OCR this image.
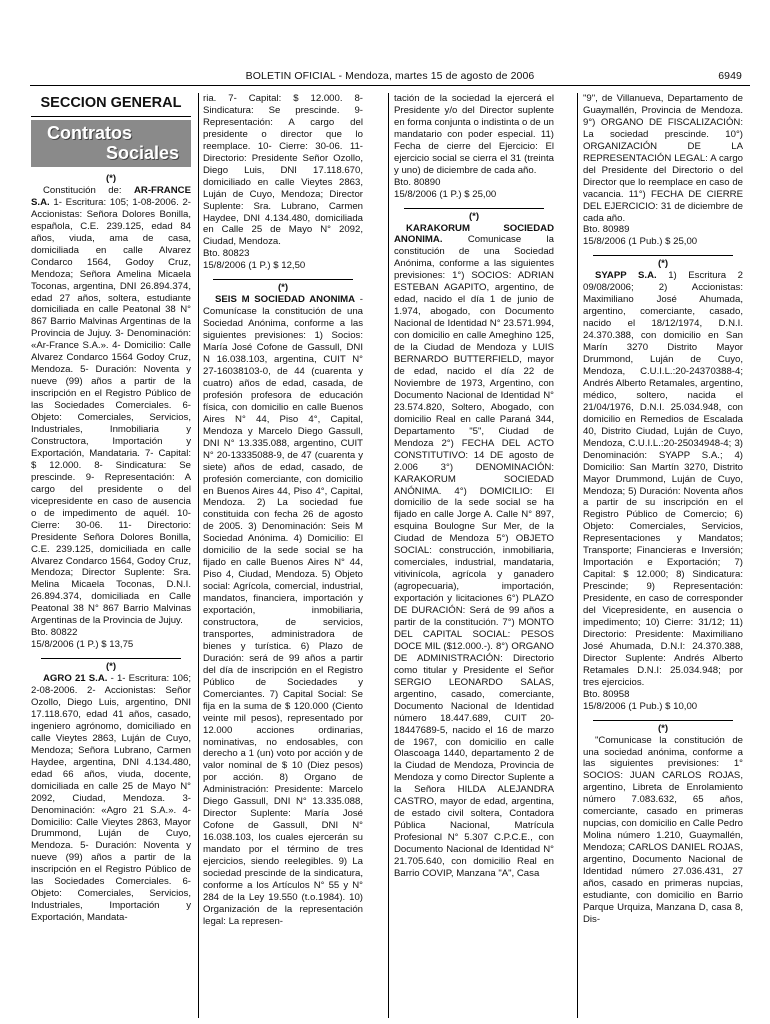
BOLETIN OFICIAL - Mendoza, martes 15 de agosto de 2006	6949
SECCION GENERAL
Contratos
Sociales

(*)

Constitución de: AR-FRANCE S.A. 1- Escritura: 105; 1-08-2006. 2- Accionistas: Señora Dolores Bonilla, española, C.E. 239.125, edad 84 años, viuda, ama de casa, domiciliada en calle Alvarez Condarco 1564, Godoy Cruz, Mendoza; Señora Amelina Micaela Toconas, argentina, DNI 26.894.374, edad 27 años, soltera, estudiante domiciliada en calle Peatonal 38 N° 867 Barrio Malvinas Argentinas de la Provincia de Jujuy. 3- Denominación: «Ar-France S.A.». 4- Domicilio: Calle Alvarez Condarco 1564 Godoy Cruz, Mendoza. 5- Duración: Noventa y nueve (99) años a partir de la inscripción en el Registro Público de las Sociedades Comerciales. 6- Objeto: Comerciales, Servicios, Industriales, Inmobiliaria y Constructora, Importación y Exportación, Mandataria. 7- Capital: $ 12.000. 8- Sindicatura: Se prescinde. 9- Representación: A cargo del presidente o del vicepresidente en caso de ausencia o de impedimento de aquél. 10- Cierre: 30-06. 11- Directorio: Presidente Señora Dolores Bonilla, C.E. 239.125, domiciliada en calle Alvarez Condarco 1564, Godoy Cruz, Mendoza; Director Suplente: Sra. Melina Micaela Toconas, D.N.I. 26.894.374, domiciliada en Calle Peatonal 38 N° 867 Barrio Malvinas Argentinas de la Provincia de Jujuy.

Bto. 80822

15/8/2006 (1 P.) $ 13,75

(*)

AGRO 21 S.A. - 1- Escritura: 106; 2-08-2006. 2- Accionistas: Señor Ozollo, Diego Luis, argentino, DNI 17.118.670, edad 41 años, casado, ingeniero agrónomo, domiciliado en calle Vieytes 2863, Luján de Cuyo, Mendoza; Señora Lubrano, Carmen Haydee, argentina, DNI 4.134.480, edad 66 años, viuda, docente, domiciliada en calle 25 de Mayo N° 2092, Ciudad, Mendoza. 3- Denominación: «Agro 21 S.A.». 4- Domicilio: Calle Vieytes 2863, Mayor Drummond, Luján de Cuyo, Mendoza. 5- Duración: Noventa y nueve (99) años a partir de la inscripción en el Registro Público de las Sociedades Comerciales. 6- Objeto: Comerciales, Servicios, Industriales, Importación y Exportación, Mandata-

ria. 7- Capital: $ 12.000. 8- Sindicatura: Se prescinde. 9- Representación: A cargo del presidente o director que lo reemplace. 10- Cierre: 30-06. 11- Directorio: Presidente Señor Ozollo, Diego Luis, DNI 17.118.670, domiciliado en calle Vieytes 2863, Luján de Cuyo, Mendoza; Director Suplente: Sra. Lubrano, Carmen Haydee, DNI 4.134.480, domiciliada en Calle 25 de Mayo N° 2092, Ciudad, Mendoza.

Bto. 80823

15/8/2006 (1 P.) $ 12,50

(*)

SEIS M SOCIEDAD ANONIMA - Comunícase la constitución de una Sociedad Anónima, conforme a las siguientes previsiones: 1) Socios: María José Cofone de Gassull, DNI N 16.038.103, argentina, CUIT N° 27-16038103-0, de 44 (cuarenta y cuatro) años de edad, casada, de profesión profesora de educación física, con domicilio en calle Buenos Aires N° 44, Piso 4°, Capital, Mendoza y Marcelo Diego Gassull, DNI N° 13.335.088, argentino, CUIT N° 20-13335088-9, de 47 (cuarenta y siete) años de edad, casado, de profesión comerciante, con domicilio en Buenos Aires 44, Piso 4°, Capital, Mendoza. 2) La sociedad fue constituida con fecha 26 de agosto de 2005. 3) Denominación: Seis M Sociedad Anónima. 4) Domicilio: El domicilio de la sede social se ha fijado en calle Buenos Aires N° 44, Piso 4, Ciudad, Mendoza. 5) Objeto social: Agrícola, comercial, industrial, mandatos, financiera, importación y exportación, inmobiliaria, constructora, de servicios, transportes, administradora de bienes y turística. 6) Plazo de Duración: será de 99 años a partir del día de inscripción en el Registro Público de Sociedades y Comerciantes. 7) Capital Social: Se fija en la suma de $ 120.000 (Ciento veinte mil pesos), representado por 12.000 acciones ordinarias, nominativas, no endosables, con derecho a 1 (un) voto por acción y de valor nominal de $ 10 (Diez pesos) por acción. 8) Organo de Administración: Presidente: Marcelo Diego Gassull, DNI N° 13.335.088, Director Suplente: María José Cofone de Gassull, DNI N° 16.038.103, los cuales ejercerán su mandato por el término de tres ejercicios, siendo reelegibles. 9) La sociedad prescinde de la sindicatura, conforme a los Artículos N° 55 y N° 284 de la Ley 19.550 (t.o.1984). 10) Organización de la representación legal: La represen-

tación de la sociedad la ejercerá el Presidente y/o del Director suplente en forma conjunta o indistinta o de un mandatario con poder especial. 11) Fecha de cierre del Ejercicio: El ejercicio social se cierra el 31 (treinta y uno) de diciembre de cada año.

Bto. 80890

15/8/2006 (1 P.) $ 25,00

(*)

KARAKORUM SOCIEDAD ANONIMA. Comunicase la constitución de una Sociedad Anónima, conforme a las siguientes previsiones: 1°) SOCIOS: ADRIAN ESTEBAN AGAPITO, argentino, de edad, nacido el día 1 de junio de 1.974, abogado, con Documento Nacional de Identidad N° 23.571.994, con domicilio en calle Ameghino 125, de la Ciudad de Mendoza y LUIS BERNARDO BUTTERFIELD, mayor de edad, nacido el día 22 de Noviembre de 1973, Argentino, con Documento Nacional de Identidad N° 23.574.820, Soltero, Abogado, con domicilio Real en calle Paraná 344, Departamento "5", Ciudad de Mendoza 2°) FECHA DEL ACTO CONSTITUTIVO: 14 DE agosto de 2.006 3°) DENOMINACIÓN: KARAKORUM SOCIEDAD ANÓNIMA. 4°) DOMICILIO: El domicilio de la sede social se ha fijado en calle Jorge A. Calle N° 897, esquina Boulogne Sur Mer, de la Ciudad de Mendoza 5°) OBJETO SOCIAL: construcción, inmobiliaria, comerciales, industrial, mandataria, vitivinícola, agrícola y ganadero (agropecuaria), importación, exportación y licitaciones 6°) PLAZO DE DURACIÓN: Será de 99 años a partir de la constitución. 7°) MONTO DEL CAPITAL SOCIAL: PESOS DOCE MIL ($12.000.-). 8°) ORGANO DE ADMINISTRACIÓN: Directorio como titular y Presidente el Señor SERGIO LEONARDO SALAS, argentino, casado, comerciante, Documento Nacional de Identidad número 18.447.689, CUIT 20-18447689-5, nacido el 16 de marzo de 1967, con domicilio en calle Olascoaga 1440, departamento 2 de la Ciudad de Mendoza, Provincia de Mendoza y como Director Suplente a la Señora HILDA ALEJANDRA CASTRO, mayor de edad, argentina, de estado civil soltera, Contadora Pública Nacional, Matrícula Profesional N° 5.307 C.P.C.E., con Documento Nacional de Identidad N° 21.705.640, con domicilio Real en Barrio COVIP, Manzana "A", Casa

"9", de Villanueva, Departamento de Guaymallén, Provincia de Mendoza. 9°) ORGANO DE FISCALIZACIÓN: La sociedad prescinde. 10°) ORGANIZACIÓN DE LA REPRESENTACIÓN LEGAL: A cargo del Presidente del Directorio o del Director que lo reemplace en caso de vacancia. 11°) FECHA DE CIERRE DEL EJERCICIO: 31 de diciembre de cada año.

Bto. 80989

15/8/2006 (1 Pub.) $ 25,00

(*)

SYAPP S.A. 1) Escritura 2 09/08/2006; 2) Accionistas: Maximiliano José Ahumada, argentino, comerciante, casado, nacido el 18/12/1974, D.N.I. 24.370.388, con domicilio en San Marín 3270 Distrito Mayor Drummond, Luján de Cuyo, Mendoza, C.U.I.L.:20-24370388-4; Andrés Alberto Retamales, argentino, médico, soltero, nacida el 21/04/1976, D.N.I. 25.034.948, con domicilio en Remedios de Escalada 40, Distrito Ciudad, Luján de Cuyo, Mendoza, C.U.I.L.:20-25034948-4; 3) Denominación: SYAPP S.A.; 4) Domicilio: San Martín 3270, Distrito Mayor Drummond, Luján de Cuyo, Mendoza; 5) Duración: Noventa años a partir de su inscripción en el Registro Público de Comercio; 6) Objeto: Comerciales, Servicios, Representaciones y Mandatos; Transporte; Financieras e Inversión; Importación e Exportación; 7) Capital: $ 12.000; 8) Sindicatura: Prescinde; 9) Representación: Presidente, en caso de corresponder del Vicepresidente, en ausencia o impedimento; 10) Cierre: 31/12; 11) Directorio: Presidente: Maximiliano José Ahumada, D.N.I: 24.370.388, Director Suplente: Andrés Alberto Retamales D.N.I: 25.034.948; por tres ejercicios.

Bto. 80958

15/8/2006 (1 Pub.) $ 10,00

(*)

"Comunicase la constitución de una sociedad anónima, conforme a las siguientes previsiones: 1° SOCIOS: JUAN CARLOS ROJAS, argentino, Libreta de Enrolamiento número 7.083.632, 65 años, comerciante, casado en primeras nupcias, con domicilio en Calle Pedro Molina número 1.210, Guaymallén, Mendoza; CARLOS DANIEL ROJAS, argentino, Documento Nacional de Identidad número 27.036.431, 27 años, casado en primeras nupcias, estudiante, con domicilio en Barrio Parque Urquiza, Manzana D, casa 8, Dis-
